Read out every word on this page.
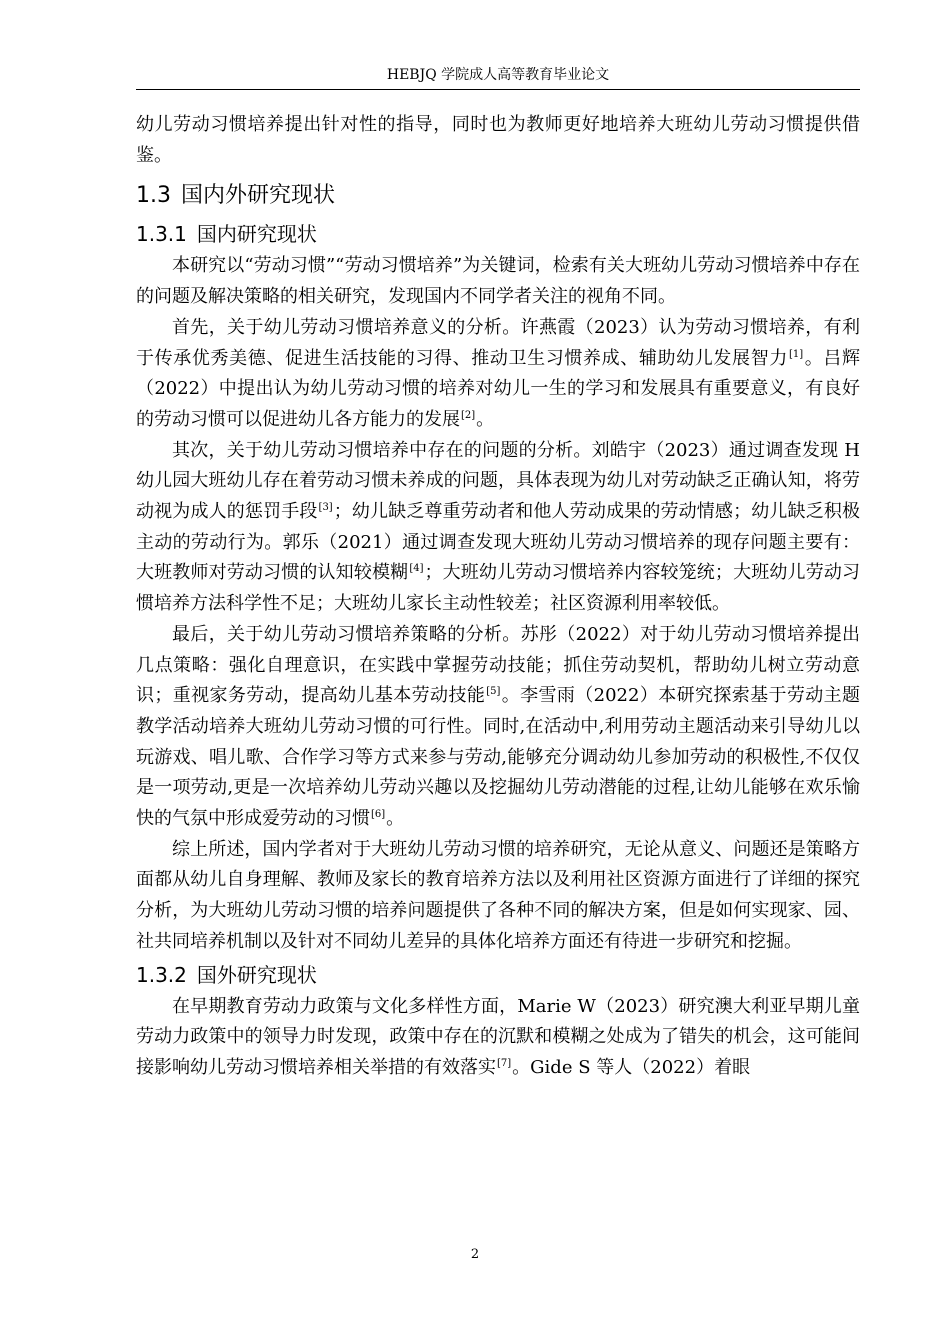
HEBJQ 学院成人高等教育毕业论文

幼儿劳动习惯培养提出针对性的指导，同时也为教师更好地培养大班幼儿劳动习惯提供借鉴。

1.3 国内外研究现状
1.3.1 国内研究现状

本研究以“劳动习惯”“劳动习惯培养”为关键词，检索有关大班幼儿劳动习惯培养中存在的问题及解决策略的相关研究，发现国内不同学者关注的视角不同。

首先，关于幼儿劳动习惯培养意义的分析。许燕霞（2023）认为劳动习惯培养，有利于传承优秀美德、促进生活技能的习得、推动卫生习惯养成、辅助幼儿发展智力[1]。吕辉（2022）中提出认为幼儿劳动习惯的培养对幼儿一生的学习和发展具有重要意义，有良好的劳动习惯可以促进幼儿各方能力的发展[2]。

其次，关于幼儿劳动习惯培养中存在的问题的分析。刘皓宇（2023）通过调查发现 H 幼儿园大班幼儿存在着劳动习惯未养成的问题，具体表现为幼儿对劳动缺乏正确认知，将劳动视为成人的惩罚手段[3]；幼儿缺乏尊重劳动者和他人劳动成果的劳动情感；幼儿缺乏积极主动的劳动行为。郭乐（2021）通过调查发现大班幼儿劳动习惯培养的现存问题主要有：大班教师对劳动习惯的认知较模糊[4]；大班幼儿劳动习惯培养内容较笼统；大班幼儿劳动习惯培养方法科学性不足；大班幼儿家长主动性较差；社区资源利用率较低。

最后，关于幼儿劳动习惯培养策略的分析。苏彤（2022）对于幼儿劳动习惯培养提出几点策略：强化自理意识，在实践中掌握劳动技能；抓住劳动契机，帮助幼儿树立劳动意识；重视家务劳动，提高幼儿基本劳动技能[5]。李雪雨（2022）本研究探索基于劳动主题教学活动培养大班幼儿劳动习惯的可行性。同时,在活动中,利用劳动主题活动来引导幼儿以玩游戏、唱儿歌、合作学习等方式来参与劳动,能够充分调动幼儿参加劳动的积极性,不仅仅是一项劳动,更是一次培养幼儿劳动兴趣以及挖掘幼儿劳动潜能的过程,让幼儿能够在欢乐愉快的气氛中形成爱劳动的习惯[6]。

综上所述，国内学者对于大班幼儿劳动习惯的培养研究，无论从意义、问题还是策略方面都从幼儿自身理解、教师及家长的教育培养方法以及利用社区资源方面进行了详细的探究分析，为大班幼儿劳动习惯的培养问题提供了各种不同的解决方案，但是如何实现家、园、社共同培养机制以及针对不同幼儿差异的具体化培养方面还有待进一步研究和挖掘。

1.3.2 国外研究现状

在早期教育劳动力政策与文化多样性方面，Marie W（2023）研究澳大利亚早期儿童劳动力政策中的领导力时发现，政策中存在的沉默和模糊之处成为了错失的机会，这可能间接影响幼儿劳动习惯培养相关举措的有效落实[7]。Gide S 等人（2022）着眼

2
